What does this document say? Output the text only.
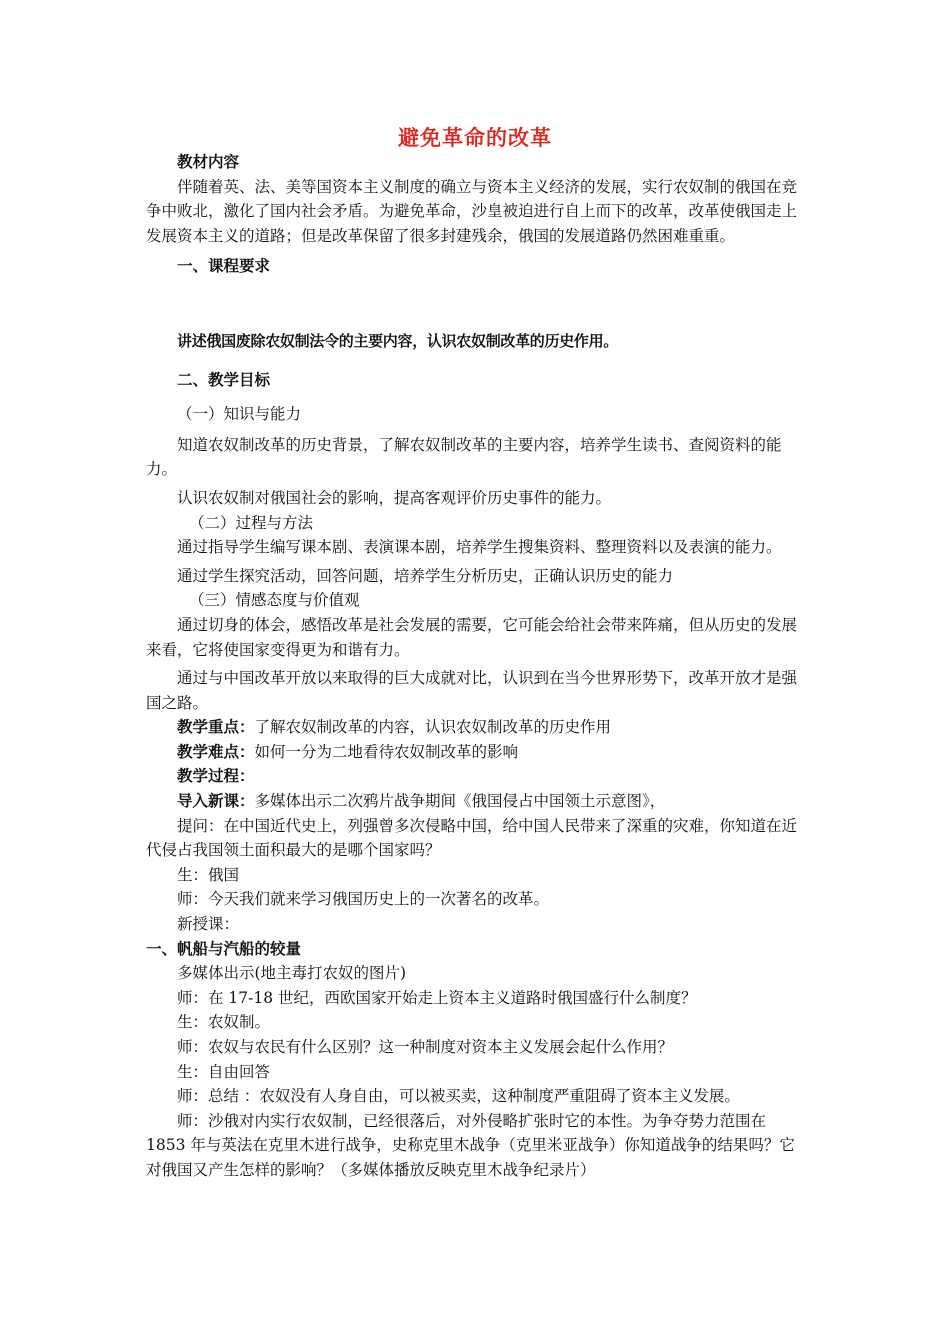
避免革命的改革

教材内容

伴随着英、法、美等国资本主义制度的确立与资本主义经济的发展，实行农奴制的俄国在竞争中败北，激化了国内社会矛盾。为避免革命，沙皇被迫进行自上而下的改革，改革使俄国走上发展资本主义的道路；但是改革保留了很多封建残余，俄国的发展道路仍然困难重重。

一、课程要求

讲述俄国废除农奴制法令的主要内容，认识农奴制改革的历史作用。

二、教学目标

（一）知识与能力

知道农奴制改革的历史背景，了解农奴制改革的主要内容，培养学生读书、查阅资料的能力。

认识农奴制对俄国社会的影响，提高客观评价历史事件的能力。

（二）过程与方法

通过指导学生编写课本剧、表演课本剧，培养学生搜集资料、整理资料以及表演的能力。

通过学生探究活动，回答问题，培养学生分析历史，正确认识历史的能力

（三）情感态度与价值观

通过切身的体会，感悟改革是社会发展的需要，它可能会给社会带来阵痛，但从历史的发展来看，它将使国家变得更为和谐有力。

通过与中国改革开放以来取得的巨大成就对比，认识到在当今世界形势下，改革开放才是强国之路。

教学重点：了解农奴制改革的内容，认识农奴制改革的历史作用

教学难点：如何一分为二地看待农奴制改革的影响

教学过程：

导入新课：多媒体出示二次鸦片战争期间《俄国侵占中国领土示意图》，

提问：在中国近代史上，列强曾多次侵略中国，给中国人民带来了深重的灾难，你知道在近代侵占我国领土面积最大的是哪个国家吗？

生：俄国

师：今天我们就来学习俄国历史上的一次著名的改革。

新授课：

一、帆船与汽船的较量

多媒体出示(地主毒打农奴的图片)

师：在 17-18 世纪，西欧国家开始走上资本主义道路时俄国盛行什么制度？

生：农奴制。

师：农奴与农民有什么区别？这一种制度对资本主义发展会起什么作用？

生：自由回答

师：总结 ：农奴没有人身自由，可以被买卖，这种制度严重阻碍了资本主义发展。

师：沙俄对内实行农奴制，已经很落后，对外侵略扩张时它的本性。为争夺势力范围在 1853 年与英法在克里木进行战争，史称克里木战争（克里米亚战争）你知道战争的结果吗？它对俄国又产生怎样的影响？（多媒体播放反映克里木战争纪录片）
